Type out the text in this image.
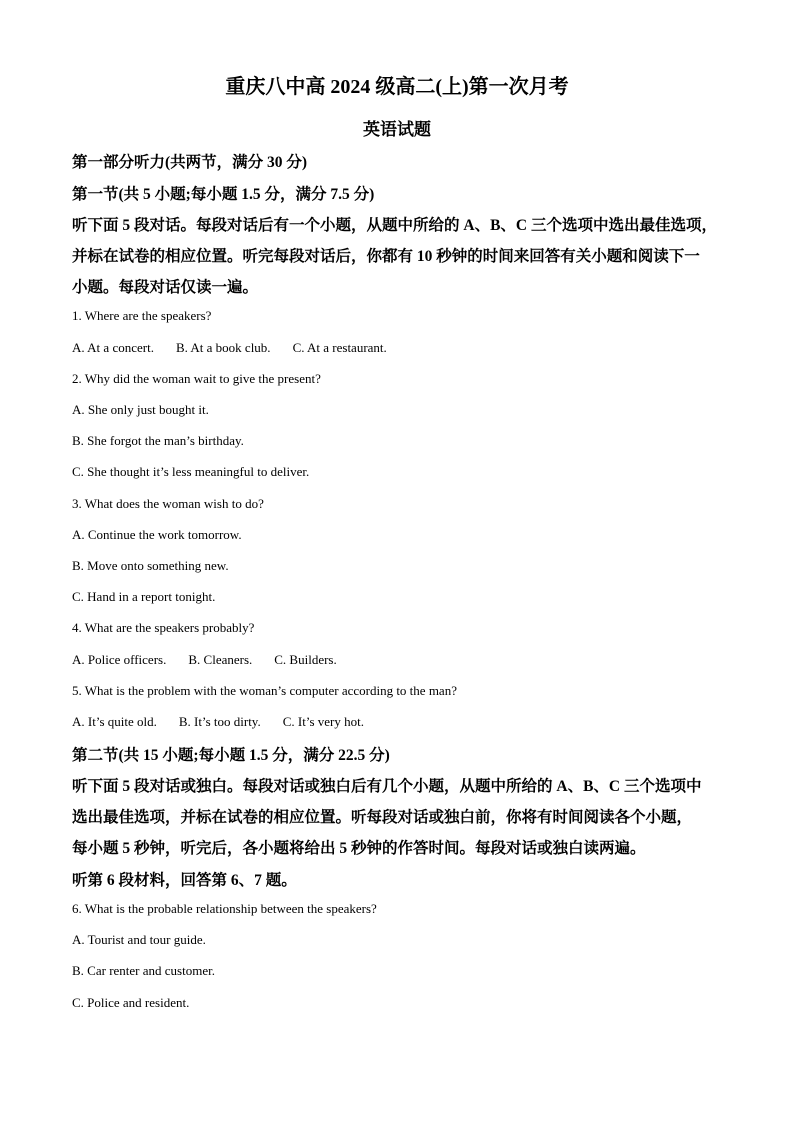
重庆八中高 2024 级高二(上)第一次月考
英语试题
第一部分听力(共两节，满分 30 分)
第一节(共 5 小题;每小题 1.5 分，满分 7.5 分)
听下面 5 段对话。每段对话后有一个小题，从题中所给的 A、B、C 三个选项中选出最佳选项，
并标在试卷的相应位置。听完每段对话后，你都有 10 秒钟的时间来回答有关小题和阅读下一
小题。每段对话仅读一遍。
1. Where are the speakers?
A. At a concert. B. At a book club. C. At a restaurant.
2. Why did the woman wait to give the present?
A. She only just bought it.
B. She forgot the man’s birthday.
C. She thought it’s less meaningful to deliver.
3. What does the woman wish to do?
A. Continue the work tomorrow.
B. Move onto something new.
C. Hand in a report tonight.
4. What are the speakers probably?
A. Police officers. B. Cleaners. C. Builders.
5. What is the problem with the woman’s computer according to the man?
A. It’s quite old. B. It’s too dirty. C. It’s very hot.
第二节(共 15 小题;每小题 1.5 分，满分 22.5 分)
听下面 5 段对话或独白。每段对话或独白后有几个小题，从题中所给的 A、B、C 三个选项中
选出最佳选项，并标在试卷的相应位置。听每段对话或独白前，你将有时间阅读各个小题，
每小题 5 秒钟，听完后，各小题将给出 5 秒钟的作答时间。每段对话或独白读两遍。
听第 6 段材料，回答第 6、7 题。
6. What is the probable relationship between the speakers?
A. Tourist and tour guide.
B. Car renter and customer.
C. Police and resident.
